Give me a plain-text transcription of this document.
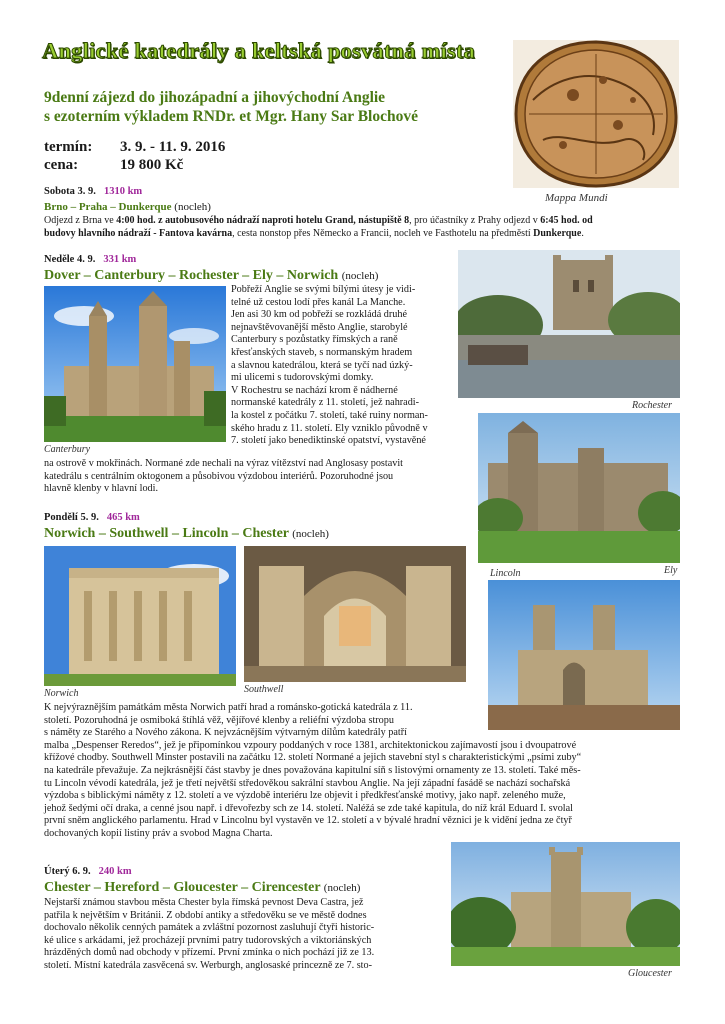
Anglické katedrály a keltská posvátná místa
9denní zájezd do jihozápadní a jihovýchodní Anglie
s ezoterním výkladem RNDr. et Mgr. Hany Sar Blochové
termín: 3. 9. - 11. 9. 2016
cena:	19 800 Kč
Mappa Mundi
Sobota 3. 9. 1310 km
Brno – Praha – Dunkerque (nocleh)
Odjezd z Brna ve 4:00 hod. z autobusového nádraží naproti hotelu Grand, nástupiště 8, pro účastníky z Prahy odjezd v 6:45 hod. od
budovy hlavního nádraží - Fantova kavárna, cesta nonstop přes Německo a Francii, nocleh ve Fasthotelu na předměstí Dunkerque.
Neděle 4. 9. 331 km
Dover – Canterbury – Rochester – Ely – Norwich (nocleh)
Canterbury
Pobřeží Anglie se svými bílými útesy je vidi-
telné už cestou lodí přes kanál La Manche.
Jen asi 30 km od pobřeží se rozkládá druhé
nejnavštěvovanější město Anglie, starobylé
Canterbury s pozůstatky římských a raně
křesťanských staveb, s normanským hradem
a slavnou katedrálou, která se tyčí nad úzký-
mi ulicemi s tudorovskými domky.
V Rochestru se nachází krom ě nádherné
normanské katedrály z 11. století, jež nahradi-
la kostel z počátku 7. století, také ruiny norman-
ského hradu z 11. století. Ely vzniklo původně v
7. století jako benediktinské opatství, vystavěné
na ostrově v mokřinách. Normané zde nechali na výraz vítězství nad Anglosasy postavit
katedrálu s centrálním oktogonem a působivou výzdobou interiérů. Pozoruhodné jsou
hlavně klenby v hlavní lodi.
Rochester
Ely
Pondělí 5. 9. 465 km
Norwich – Southwell – Lincoln – Chester (nocleh)
Norwich	Southwell
Lincoln
K nejvýraznějším památkám města Norwich patří hrad a románsko-gotická katedrála z 11.
století. Pozoruhodná je osmiboká štíhlá věž, vějířové klenby a reliéfní výzdoba stropu
s náměty ze Starého a Nového zákona. K nejvzácnějším výtvarným dílům katedrály patří
malba „Despenser Reredos“, jež je připomínkou vzpoury poddaných v roce 1381, architektonickou zajímavostí jsou i dvoupatrové
křížové chodby. Southwell Minster postavili na začátku 12. století Normané a jejich stavební styl s charakteristickými „psími zuby“
na katedrále převažuje. Za nejkrásnější část stavby je dnes považována kapitulní síň s listovými ornamenty ze 13. století. Také měs-
tu Lincoln vévodí katedrála, jež je třetí největší středověkou sakrální stavbou Anglie. Na její západní fasádě se nachází sochařská
výzdoba s biblickými náměty z 12. století a ve výzdobě interiéru lze objevit i předkřesťanské motivy, jako např. zeleného muže,
jehož šedými očí draka, a cenné jsou např. i dřevořezby sch ze 14. století. Naléžá se zde také kapitula, do níž král Eduard I. svolal
první sněm anglického parlamentu. Hrad v Lincolnu byl vystavěn ve 12. století a v bývalé hradní věznici je k vidění jedna ze čtyř
dochovaných kopií listiny práv a svobod Magna Charta.
Úterý 6. 9. 240 km
Chester – Hereford – Gloucester – Cirencester (nocleh)
Nejstarší známou stavbou města Chester byla římská pevnost Deva Castra, jež
patřila k největším v Británii. Z období antiky a středověku se ve městě dodnes
dochovalo několik cenných památek a zvláštní pozornost zasluhují čtyři historic-
ké ulice s arkádami, jež procházejí prvními patry tudorovských a viktoriánských
hrázděných domů nad obchody v přízemí. První zmínka o nich pochází již ze 13.
století. Místní katedrála zasvěcená sv. Werburgh, anglosaské princezně ze 7. sto-
Gloucester
